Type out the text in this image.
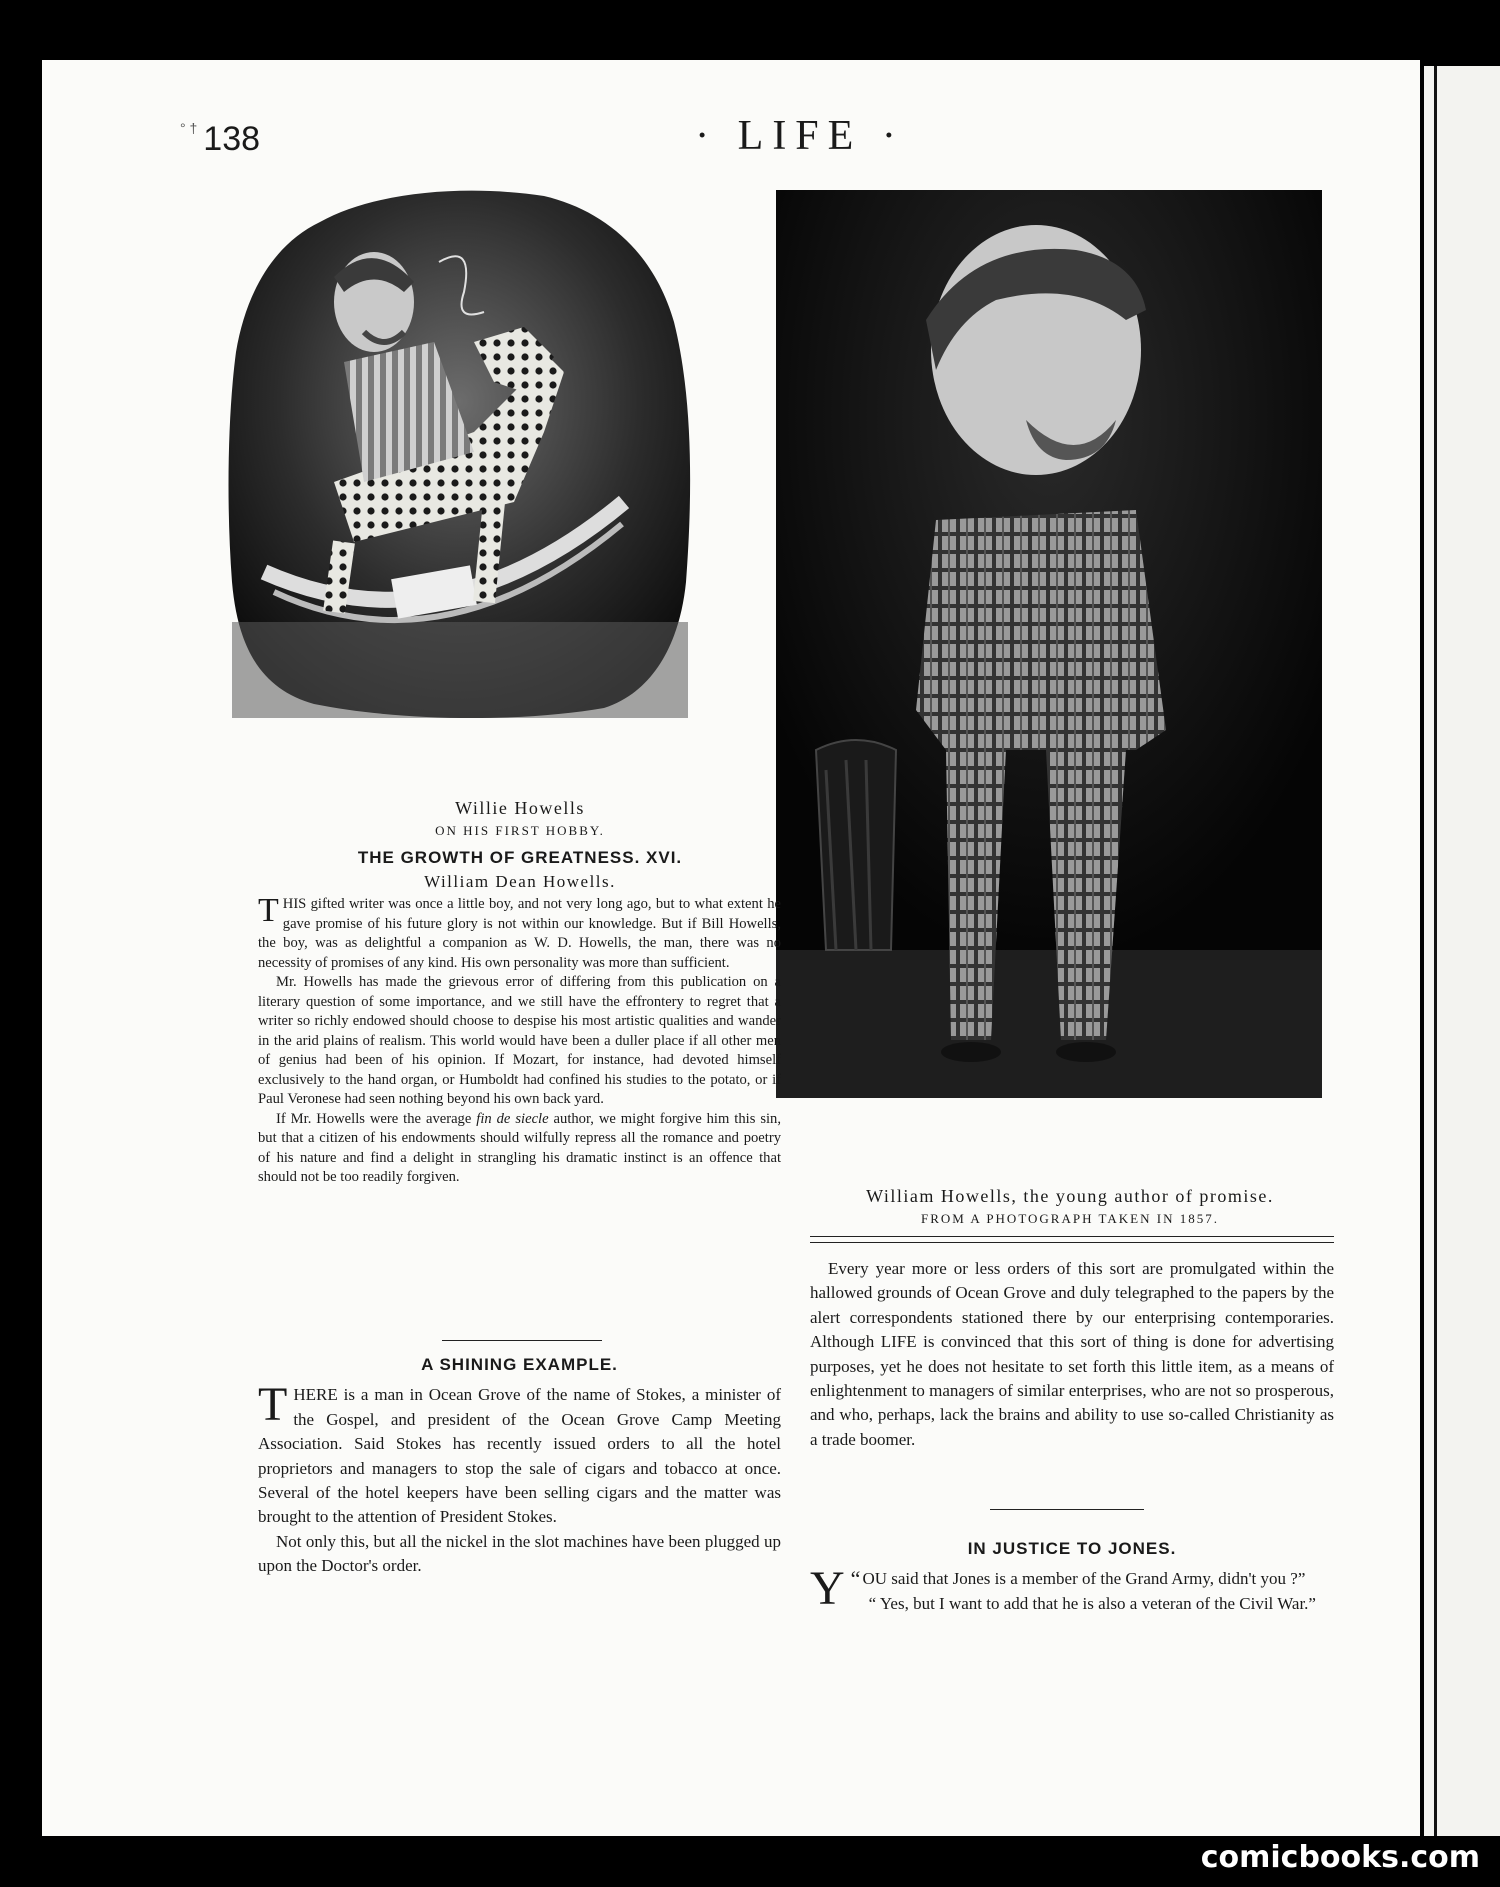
° † 138	· LIFE ·
Willie Howells
ON HIS FIRST HOBBY.
THE GROWTH OF GREATNESS. XVI.
William Dean Howells.

THIS gifted writer was once a little boy, and not very long ago, but to what extent he gave promise of his future glory is not within our knowledge. But if Bill Howells, the boy, was as delightful a companion as W. D. Howells, the man, there was no necessity of promises of any kind. His own personality was more than sufficient.

Mr. Howells has made the grievous error of differing from this publication on a literary question of some importance, and we still have the effrontery to regret that a writer so richly endowed should choose to despise his most artistic qualities and wander in the arid plains of realism. This world would have been a duller place if all other men of genius had been of his opinion. If Mozart, for instance, had devoted himself exclusively to the hand organ, or Humboldt had confined his studies to the potato, or if Paul Veronese had seen nothing beyond his own back yard.

If Mr. Howells were the average fin de siecle author, we might forgive him this sin, but that a citizen of his endowments should wilfully repress all the romance and poetry of his nature and find a delight in strangling his dramatic instinct is an offence that should not be too readily forgiven.

A SHINING EXAMPLE.

THERE is a man in Ocean Grove of the name of Stokes, a minister of the Gospel, and president of the Ocean Grove Camp Meeting Association. Said Stokes has recently issued orders to all the hotel proprietors and managers to stop the sale of cigars and tobacco at once. Several of the hotel keepers have been selling cigars and the matter was brought to the attention of President Stokes.

Not only this, but all the nickel in the slot machines have been plugged up upon the Doctor's order.

William Howells, the young author of promise.
FROM A PHOTOGRAPH TAKEN IN 1857.

Every year more or less orders of this sort are promulgated within the hallowed grounds of Ocean Grove and duly telegraphed to the papers by the alert correspondents stationed there by our enterprising contemporaries. Although LIFE is convinced that this sort of thing is done for advertising purposes, yet he does not hesitate to set forth this little item, as a means of enlightenment to managers of similar enterprises, who are not so prosperous, and who, perhaps, lack the brains and ability to use so-called Christianity as a trade boomer.

IN JUSTICE TO JONES.

“
Y OU said that Jones is a member of the Grand Army, didn't you ?”

“ Yes, but I want to add that he is also a veteran of the Civil War.”

comicbooks.com
